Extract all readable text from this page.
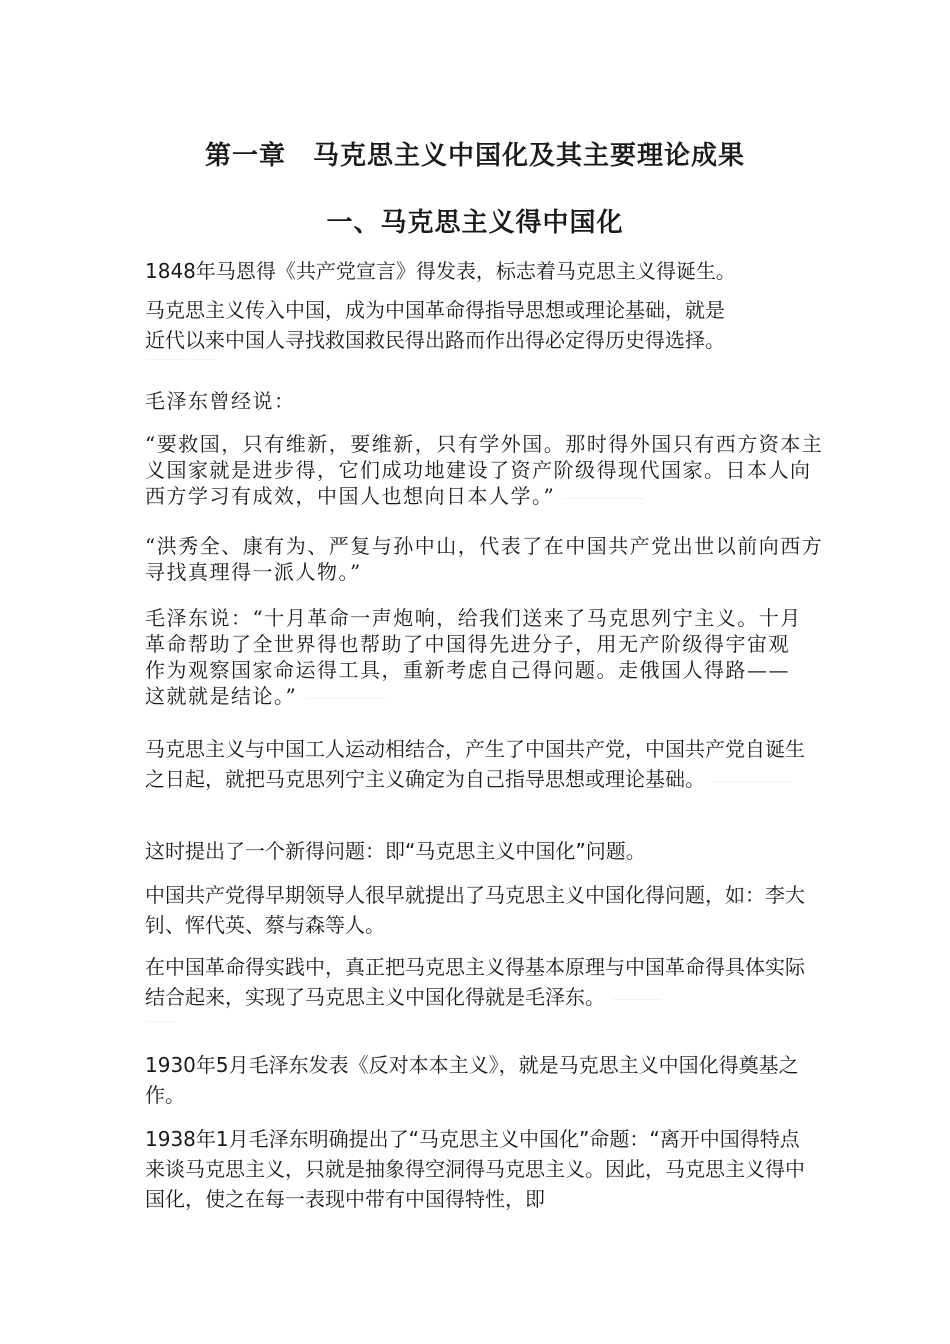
第一章　马克思主义中国化及其主要理论成果
一、马克思主义得中国化

1848年马恩得《共产党宣言》得发表，标志着马克思主义得诞生。

马克思主义传入中国，成为中国革命得指导思想或理论基础，就是
近代以来中国人寻找救国救民得出路而作出得必定得历史得选择。
一一一一一一一

毛泽东曾经说：

“要救国，只有维新，要维新，只有学外国。那时得外国只有西方资本主义国家就是进步得，它们成功地建设了资产阶级得现代国家。日本人向西方学习有成效，中国人也想向日本人学。” 一一一一一一一一

“洪秀全、康有为、严复与孙中山，代表了在中国共产党出世以前向西方寻找真理得一派人物。”

毛泽东说：“十月革命一声炮响，给我们送来了马克思列宁主义。十月革命帮助了全世界得也帮助了中国得先进分子，用无产阶级得宇宙观作为观察国家命运得工具，重新考虑自己得问题。走俄国人得路——这就就是结论。” 一一一一一一一一

马克思主义与中国工人运动相结合，产生了中国共产党，中国共产党自诞生之日起，就把马克思列宁主义确定为自己指导思想或理论基础。 一一一一一一一一

这时提出了一个新得问题：即“马克思主义中国化”问题。

中国共产党得早期领导人很早就提出了马克思主义中国化得问题，如：李大钊、恽代英、蔡与森等人。

在中国革命得实践中，真正把马克思主义得基本原理与中国革命得具体实际结合起来，实现了马克思主义中国化得就是毛泽东。 一一一一一
一一一

1930年5月毛泽东发表《反对本本主义》，就是马克思主义中国化得奠基之作。

1938年1月毛泽东明确提出了“马克思主义中国化”命题：“离开中国得特点来谈马克思主义，只就是抽象得空洞得马克思主义。因此，马克思主义得中国化，使之在每一表现中带有中国得特性，即
